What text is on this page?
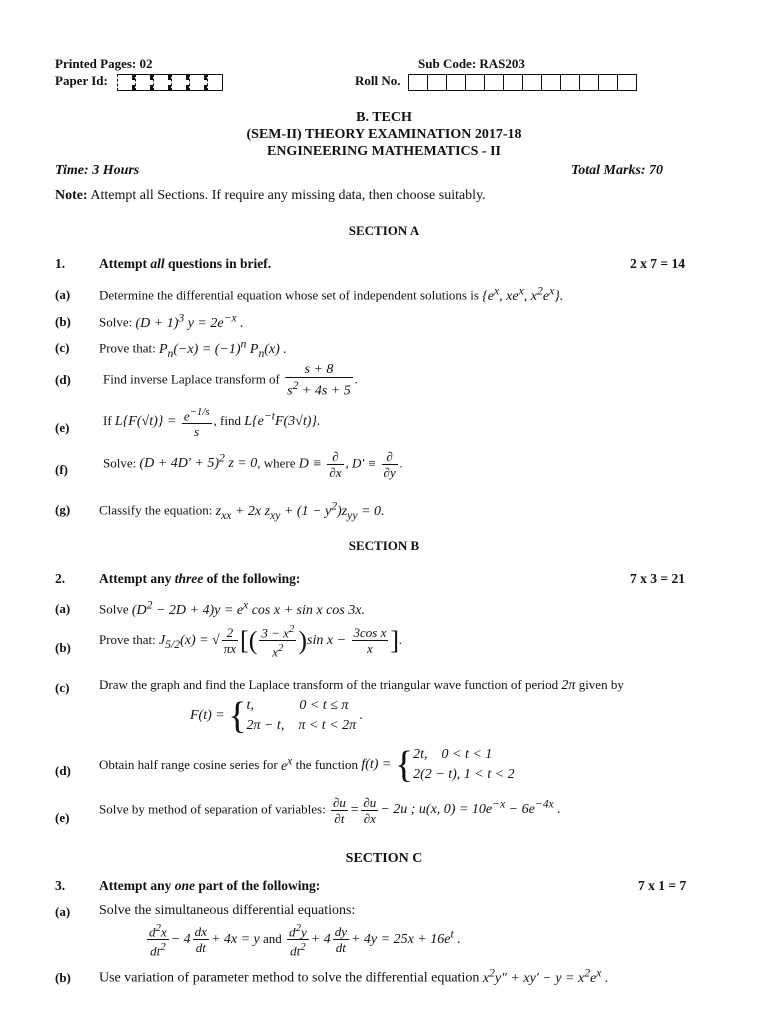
Printed Pages: 02
Paper Id:
Sub Code: RAS203
Roll No.
B. TECH
(SEM-II) THEORY EXAMINATION 2017-18
ENGINEERING MATHEMATICS - II
Time: 3 Hours	Total Marks: 70
Note: Attempt all Sections. If require any missing data, then choose suitably.
SECTION A
1.	Attempt all questions in brief.	2 x 7 = 14
(a) Determine the differential equation whose set of independent solutions is {$e^x$, $xe^x$, $x^2e^x$}.
(b) Solve: $(D + 1)^3$ $y = 2e^{-x}$ .
(c) Prove that: $P_n(-x) = (-1)^n$ $P_n(x)$ .
(d) Find inverse Laplace transform of $\frac{s + 8}{s^2 + 4s + 5}$ .
(e)	If $L\{F(√t)\} = \frac{e^{-1/s}}{s}$ , find $L\{e^{-t}F(3√t)\}$.
(f)	Solve: $(D + 4D' + 5)^2$ z = 0, where $D \equiv \frac{\partial}{\partial x}$ , $D' \equiv \frac{\partial}{\partial y}$ .
(g) Classify the equation: $z_{xx} + 2x$ $z_{xy} + (1 - y^2)z_{yy} = 0$.
SECTION B
2.	Attempt any three of the following:	7 x 3 = 21
(a) Solve $(D^2 - 2D + 4)y = e^x$ cos x + sin x cos 3x.
(b)
Prove that: $J_{5/2}(x)$ = √ $\frac{2}{\pi x}$ [( $\frac{3 - x^2}{x^2} )\sin$ $x - \frac{\text{3cos x}}{x}$ ].
(c) Draw the graph and find the Laplace transform of the triangular wave function of period 2π given by
F(t) = { t,             0 < t ≤ π
2π − t,    π < t < 2π
.
(d) Obtain half range cosine series for $e^x$ the function f(t) = { 2t,    0 < t < 1
2(2 − t), 1 < t < 2
(e)
Solve by method of separation of variables: $\frac{\partial u}{\partial t} = \frac{\partial u}{\partial x} - 2u$ ; u(x, $0) = 10e^{-x} - 6e^{-4x}$ .
SECTION C
3.	Attempt any one part of the following:	7 x 1 = 7
(a) Solve the simultaneous differential equations:
$\frac{d^2x}{dt^2} - 4 \frac{dx}{dt} + 4x = y$ and $\frac{d^2y}{dt^2} + 4 \frac{dy}{dt} + 4y = 25x + 16e^t$ .
(b) Use variation of parameter method to solve the differential equation $x^2y'' + xy' - y = x^2e^x$ .
